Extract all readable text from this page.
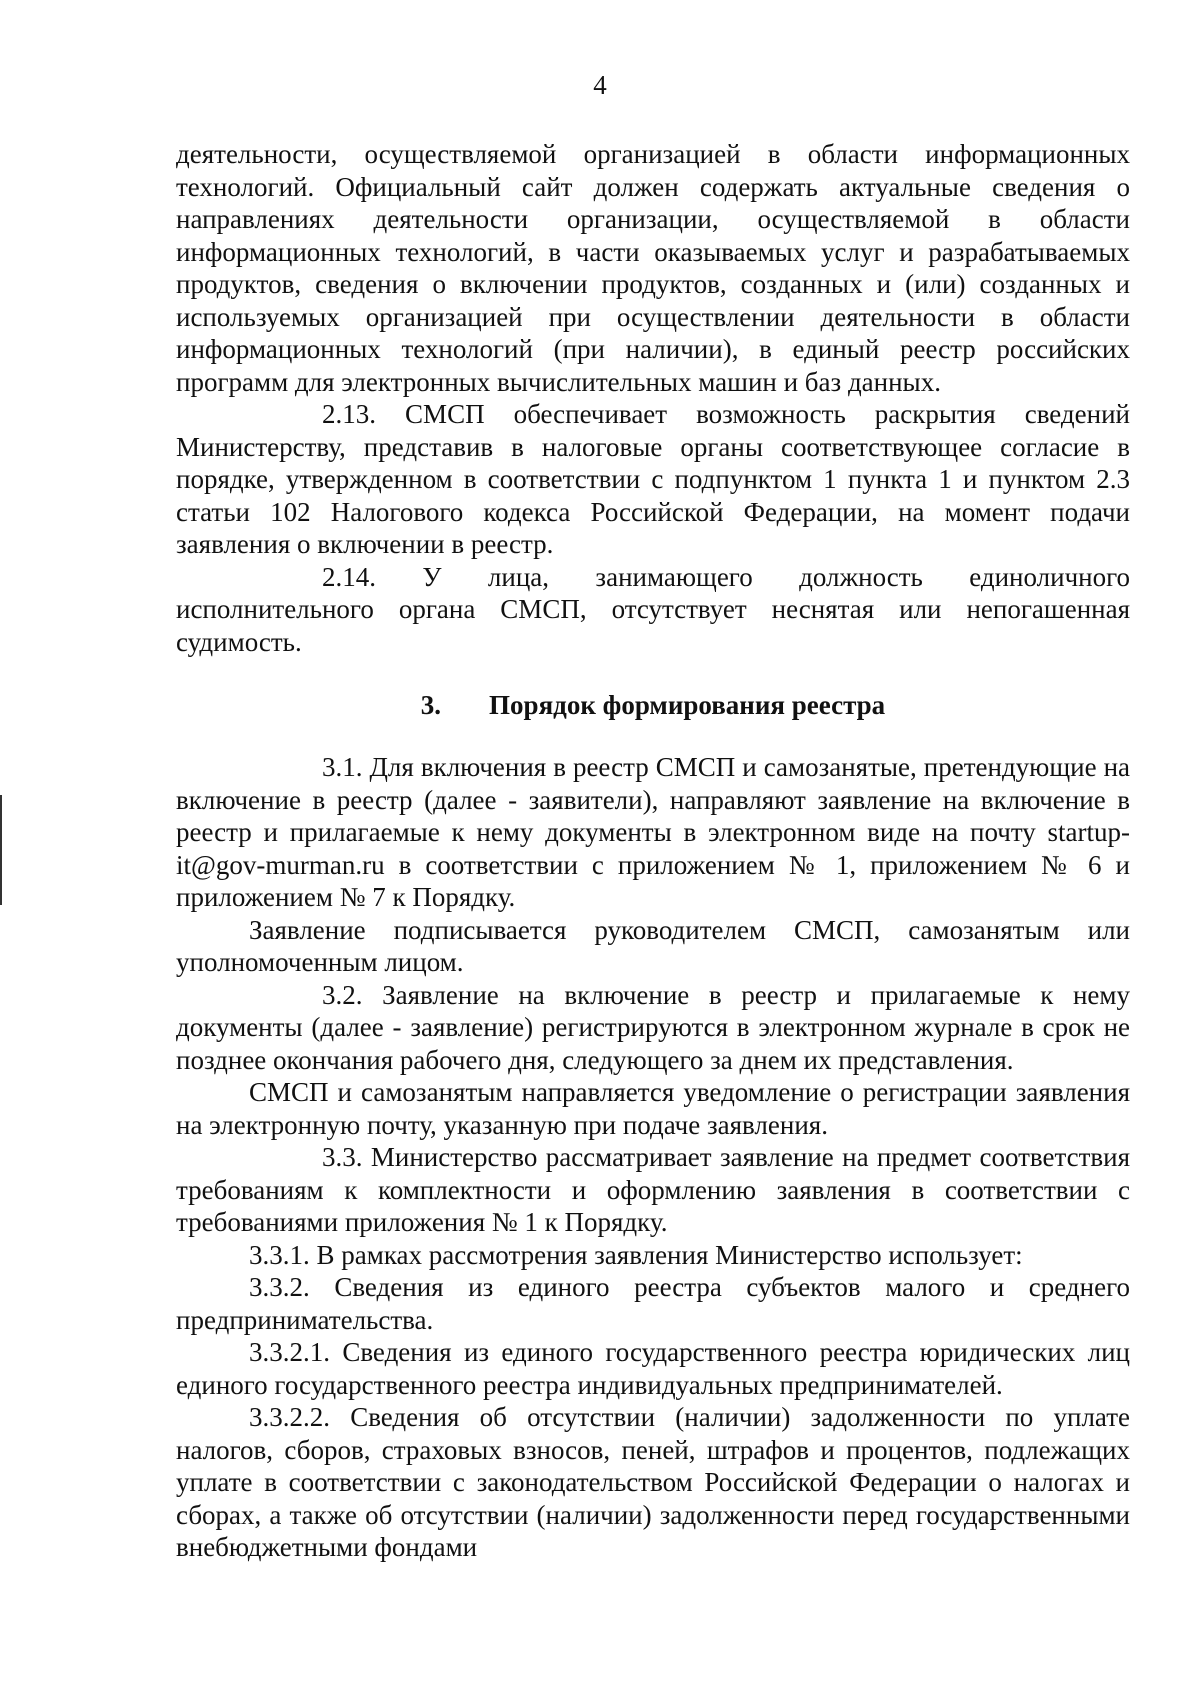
4

деятельности, осуществляемой организацией в области информационных технологий. Официальный сайт должен содержать актуальные сведения о направлениях деятельности организации, осуществляемой в области информационных технологий, в части оказываемых услуг и разрабатываемых продуктов, сведения о включении продуктов, созданных и (или) созданных и используемых организацией при осуществлении деятельности в области информационных технологий (при наличии), в единый реестр российских программ для электронных вычислительных машин и баз данных.

2.13. СМСП обеспечивает возможность раскрытия сведений Министерству, представив в налоговые органы соответствующее согласие в порядке, утвержденном в соответствии с подпунктом 1 пункта 1 и пунктом 2.3 статьи 102 Налогового кодекса Российской Федерации, на момент подачи заявления о включении в реестр.

2.14. У лица, занимающего должность единоличного исполнительного органа СМСП, отсутствует неснятая или непогашенная судимость.

3. Порядок формирования реестра

3.1. Для включения в реестр СМСП и самозанятые, претендующие на включение в реестр (далее - заявители), направляют заявление на включение в реестр и прилагаемые к нему документы в электронном виде на почту startup-it@gov-murman.ru в соответствии с приложением № 1, приложением № 6 и приложением № 7 к Порядку.

Заявление подписывается руководителем СМСП, самозанятым или уполномоченным лицом.

3.2. Заявление на включение в реестр и прилагаемые к нему документы (далее - заявление) регистрируются в электронном журнале в срок не позднее окончания рабочего дня, следующего за днем их представления.

СМСП и самозанятым направляется уведомление о регистрации заявления на электронную почту, указанную при подаче заявления.

3.3. Министерство рассматривает заявление на предмет соответствия требованиям к комплектности и оформлению заявления в соответствии с требованиями приложения № 1 к Порядку.

3.3.1. В рамках рассмотрения заявления Министерство использует:

3.3.2. Сведения из единого реестра субъектов малого и среднего предпринимательства.

3.3.2.1. Сведения из единого государственного реестра юридических лиц единого государственного реестра индивидуальных предпринимателей.

3.3.2.2. Сведения об отсутствии (наличии) задолженности по уплате налогов, сборов, страховых взносов, пеней, штрафов и процентов, подлежащих уплате в соответствии с законодательством Российской Федерации о налогах и сборах, а также об отсутствии (наличии) задолженности перед государственными внебюджетными фондами
